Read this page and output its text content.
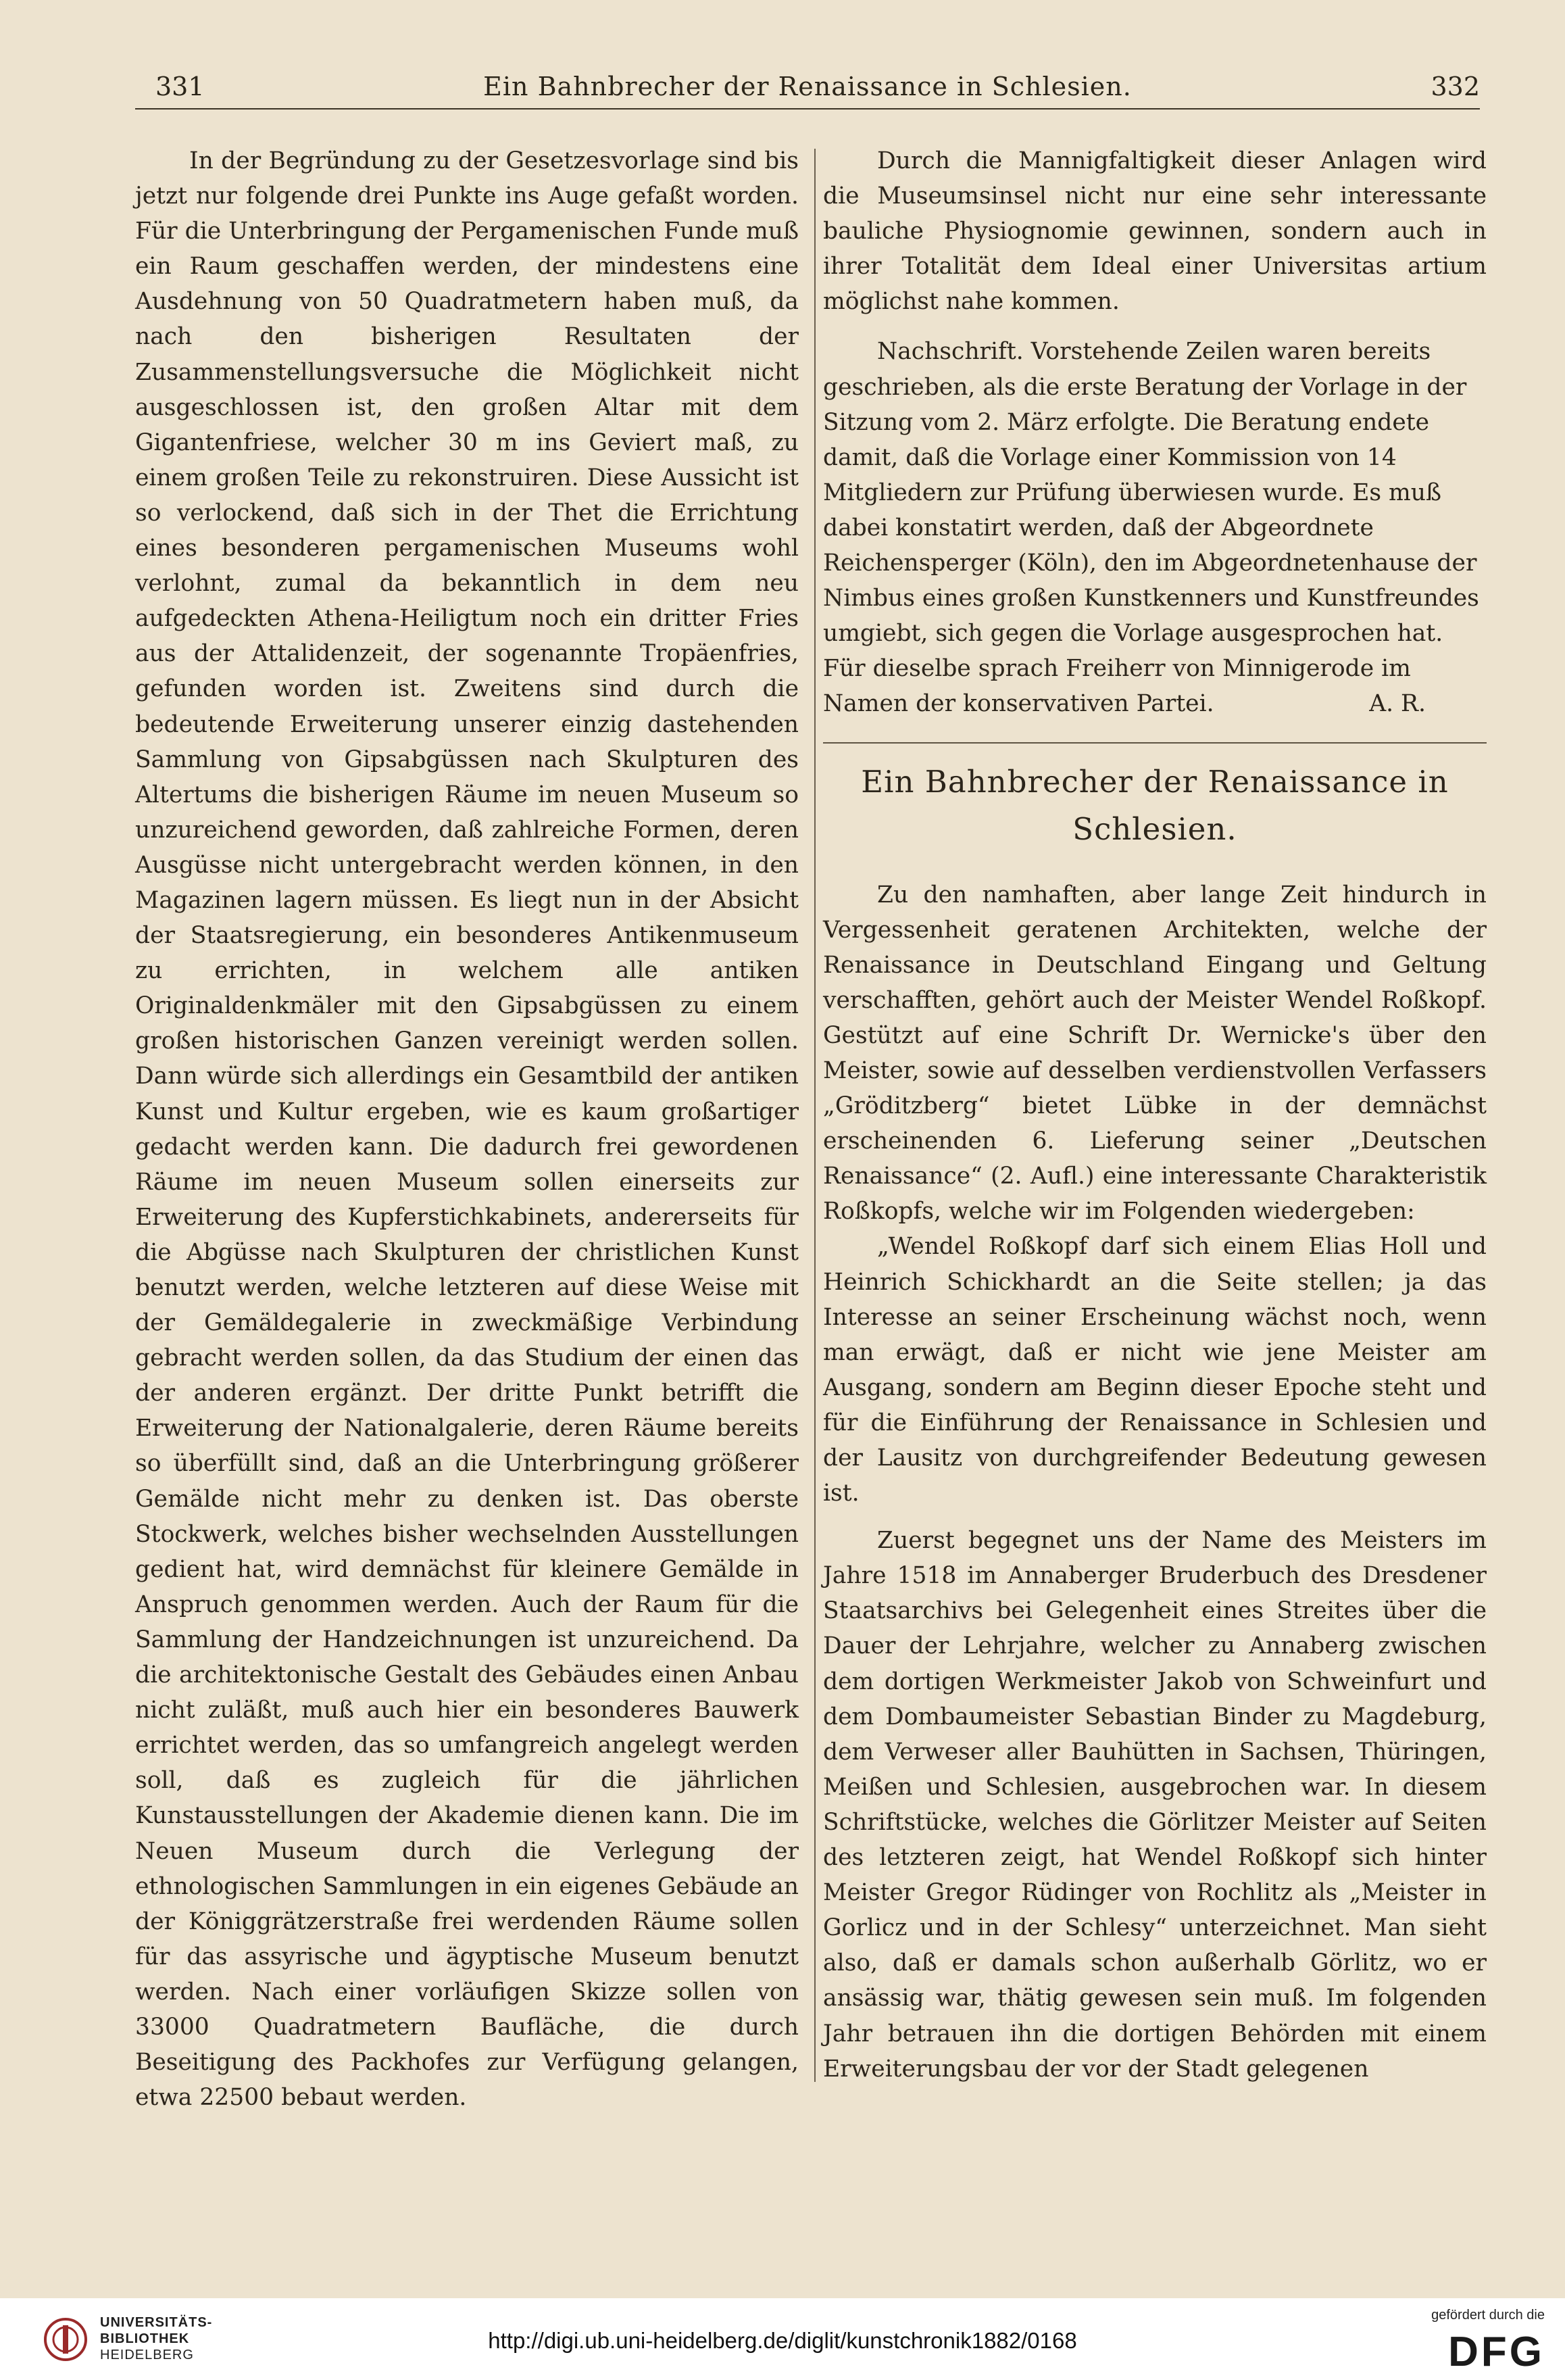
331	Ein Bahnbrecher der Renaissance in Schlesien.	332

In der Begründung zu der Gesetzesvorlage sind bis jetzt nur folgende drei Punkte ins Auge gefaßt worden. Für die Unterbringung der Pergamenischen Funde muß ein Raum geschaffen werden, der mindestens eine Ausdehnung von 50 Quadratmetern haben muß, da nach den bisherigen Resultaten der Zusammenstellungsversuche die Möglichkeit nicht ausgeschlossen ist, den großen Altar mit dem Gigantenfriese, welcher 30 m ins Geviert maß, zu einem großen Teile zu rekonstruiren. Diese Aussicht ist so verlockend, daß sich in der Thet die Errichtung eines besonderen pergamenischen Museums wohl verlohnt, zumal da bekanntlich in dem neu aufgedeckten Athena-Heiligtum noch ein dritter Fries aus der Attalidenzeit, der sogenannte Tropäenfries, gefunden worden ist. Zweitens sind durch die bedeutende Erweiterung unserer einzig dastehenden Sammlung von Gipsabgüssen nach Skulpturen des Altertums die bisherigen Räume im neuen Museum so unzureichend geworden, daß zahlreiche Formen, deren Ausgüsse nicht untergebracht werden können, in den Magazinen lagern müssen. Es liegt nun in der Absicht der Staatsregierung, ein besonderes Antikenmuseum zu errichten, in welchem alle antiken Originaldenkmäler mit den Gipsabgüssen zu einem großen historischen Ganzen vereinigt werden sollen. Dann würde sich allerdings ein Gesamtbild der antiken Kunst und Kultur ergeben, wie es kaum großartiger gedacht werden kann. Die dadurch frei gewordenen Räume im neuen Museum sollen einerseits zur Erweiterung des Kupferstichkabinets, andererseits für die Abgüsse nach Skulpturen der christlichen Kunst benutzt werden, welche letzteren auf diese Weise mit der Gemäldegalerie in zweckmäßige Verbindung gebracht werden sollen, da das Studium der einen das der anderen ergänzt. Der dritte Punkt betrifft die Erweiterung der Nationalgalerie, deren Räume bereits so überfüllt sind, daß an die Unterbringung größerer Gemälde nicht mehr zu denken ist. Das oberste Stockwerk, welches bisher wechselnden Ausstellungen gedient hat, wird demnächst für kleinere Gemälde in Anspruch genommen werden. Auch der Raum für die Sammlung der Handzeichnungen ist unzureichend. Da die architektonische Gestalt des Gebäudes einen Anbau nicht zuläßt, muß auch hier ein besonderes Bauwerk errichtet werden, das so umfangreich angelegt werden soll, daß es zugleich für die jährlichen Kunstausstellungen der Akademie dienen kann. Die im Neuen Museum durch die Verlegung der ethnologischen Sammlungen in ein eigenes Gebäude an der Königgrätzerstraße frei werdenden Räume sollen für das assyrische und ägyptische Museum benutzt werden. Nach einer vorläufigen Skizze sollen von 33000 Quadratmetern Baufläche, die durch Beseitigung des Packhofes zur Verfügung gelangen, etwa 22500 bebaut werden.

Durch die Mannigfaltigkeit dieser Anlagen wird die Museumsinsel nicht nur eine sehr interessante bauliche Physiognomie gewinnen, sondern auch in ihrer Totalität dem Ideal einer Universitas artium möglichst nahe kommen.

Nachschrift. Vorstehende Zeilen waren bereits geschrieben, als die erste Beratung der Vorlage in der Sitzung vom 2. März erfolgte. Die Beratung endete damit, daß die Vorlage einer Kommission von 14 Mitgliedern zur Prüfung überwiesen wurde. Es muß dabei konstatirt werden, daß der Abgeordnete Reichensperger (Köln), den im Abgeordnetenhause der Nimbus eines großen Kunstkenners und Kunstfreundes umgiebt, sich gegen die Vorlage ausgesprochen hat. Für dieselbe sprach Freiherr von Minnigerode im Namen der konservativen Partei.	A. R.

Ein Bahnbrecher der Renaissance in Schlesien.

Zu den namhaften, aber lange Zeit hindurch in Vergessenheit geratenen Architekten, welche der Renaissance in Deutschland Eingang und Geltung verschafften, gehört auch der Meister Wendel Roßkopf. Gestützt auf eine Schrift Dr. Wernicke's über den Meister, sowie auf desselben verdienstvollen Verfassers „Gröditzberg“ bietet Lübke in der demnächst erscheinenden 6. Lieferung seiner „Deutschen Renaissance“ (2. Aufl.) eine interessante Charakteristik Roßkopfs, welche wir im Folgenden wiedergeben:

„Wendel Roßkopf darf sich einem Elias Holl und Heinrich Schickhardt an die Seite stellen; ja das Interesse an seiner Erscheinung wächst noch, wenn man erwägt, daß er nicht wie jene Meister am Ausgang, sondern am Beginn dieser Epoche steht und für die Einführung der Renaissance in Schlesien und der Lausitz von durchgreifender Bedeutung gewesen ist.

Zuerst begegnet uns der Name des Meisters im Jahre 1518 im Annaberger Bruderbuch des Dresdener Staatsarchivs bei Gelegenheit eines Streites über die Dauer der Lehrjahre, welcher zu Annaberg zwischen dem dortigen Werkmeister Jakob von Schweinfurt und dem Dombaumeister Sebastian Binder zu Magdeburg, dem Verweser aller Bauhütten in Sachsen, Thüringen, Meißen und Schlesien, ausgebrochen war. In diesem Schriftstücke, welches die Görlitzer Meister auf Seiten des letzteren zeigt, hat Wendel Roßkopf sich hinter Meister Gregor Rüdinger von Rochlitz als „Meister in Gorlicz und in der Schlesy“ unterzeichnet. Man sieht also, daß er damals schon außerhalb Görlitz, wo er ansässig war, thätig gewesen sein muß. Im folgenden Jahr betrauen ihn die dortigen Behörden mit einem Erweiterungsbau der vor der Stadt gelegenen

UNIVERSITÄTS-
BIBLIOTHEK
HEIDELBERG
http://digi.ub.uni-heidelberg.de/diglit/kunstchronik1882/0168
gefördert durch die
DFG
